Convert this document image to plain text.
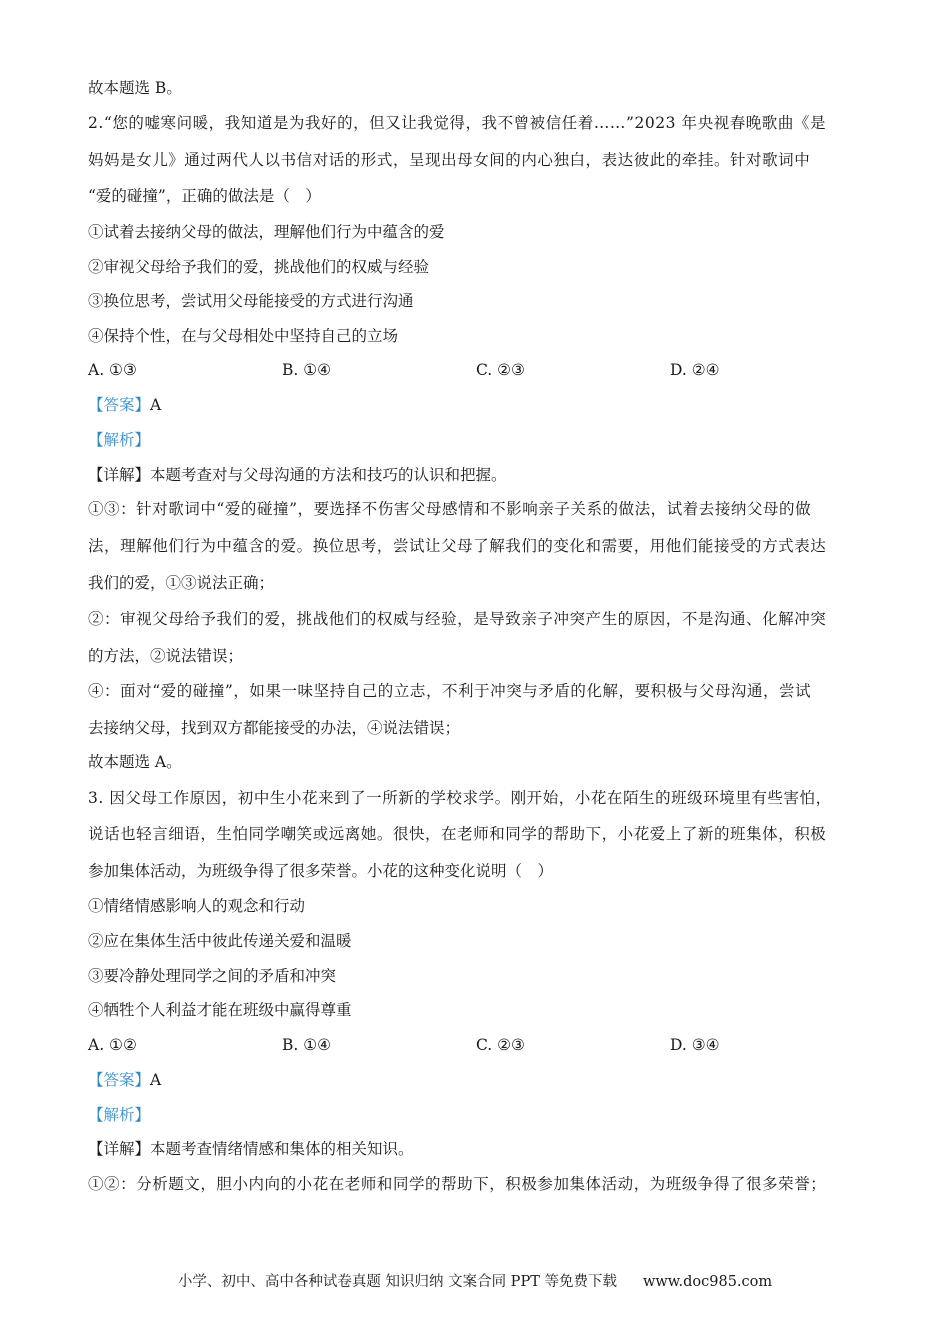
故本题选 B。
2.“您的嘘寒问暖，我知道是为我好的，但又让我觉得，我不曾被信任着……”2023 年央视春晚歌曲《是
妈妈是女儿》通过两代人以书信对话的形式，呈现出母女间的内心独白，表达彼此的牵挂。针对歌词中
“爱的碰撞”，正确的做法是（　）
①试着去接纳父母的做法，理解他们行为中蕴含的爱
②审视父母给予我们的爱，挑战他们的权威与经验
③换位思考，尝试用父母能接受的方式进行沟通
④保持个性，在与父母相处中坚持自己的立场
A. ①③	B. ①④	C. ②③	D. ②④
【答案】A
【解析】
【详解】本题考查对与父母沟通的方法和技巧的认识和把握。
①③：针对歌词中“爱的碰撞”，要选择不伤害父母感情和不影响亲子关系的做法，试着去接纳父母的做
法，理解他们行为中蕴含的爱。换位思考，尝试让父母了解我们的变化和需要，用他们能接受的方式表达
我们的爱，①③说法正确；
②：审视父母给予我们的爱，挑战他们的权威与经验，是导致亲子冲突产生的原因，不是沟通、化解冲突
的方法，②说法错误；
④：面对“爱的碰撞”，如果一味坚持自己的立志，不利于冲突与矛盾的化解，要积极与父母沟通，尝试
去接纳父母，找到双方都能接受的办法，④说法错误；
故本题选 A。
3. 因父母工作原因，初中生小花来到了一所新的学校求学。刚开始，小花在陌生的班级环境里有些害怕，
说话也轻言细语，生怕同学嘲笑或远离她。很快，在老师和同学的帮助下，小花爱上了新的班集体，积极
参加集体活动，为班级争得了很多荣誉。小花的这种变化说明（　）
①情绪情感影响人的观念和行动
②应在集体生活中彼此传递关爱和温暖
③要冷静处理同学之间的矛盾和冲突
④牺牲个人利益才能在班级中赢得尊重
A. ①②	B. ①④	C. ②③	D. ③④
【答案】A
【解析】
【详解】本题考查情绪情感和集体的相关知识。
①②：分析题文，胆小内向的小花在老师和同学的帮助下，积极参加集体活动，为班级争得了很多荣誉；
小学、初中、高中各种试卷真题 知识归纳 文案合同 PPT 等免费下载 www.doc985.com
